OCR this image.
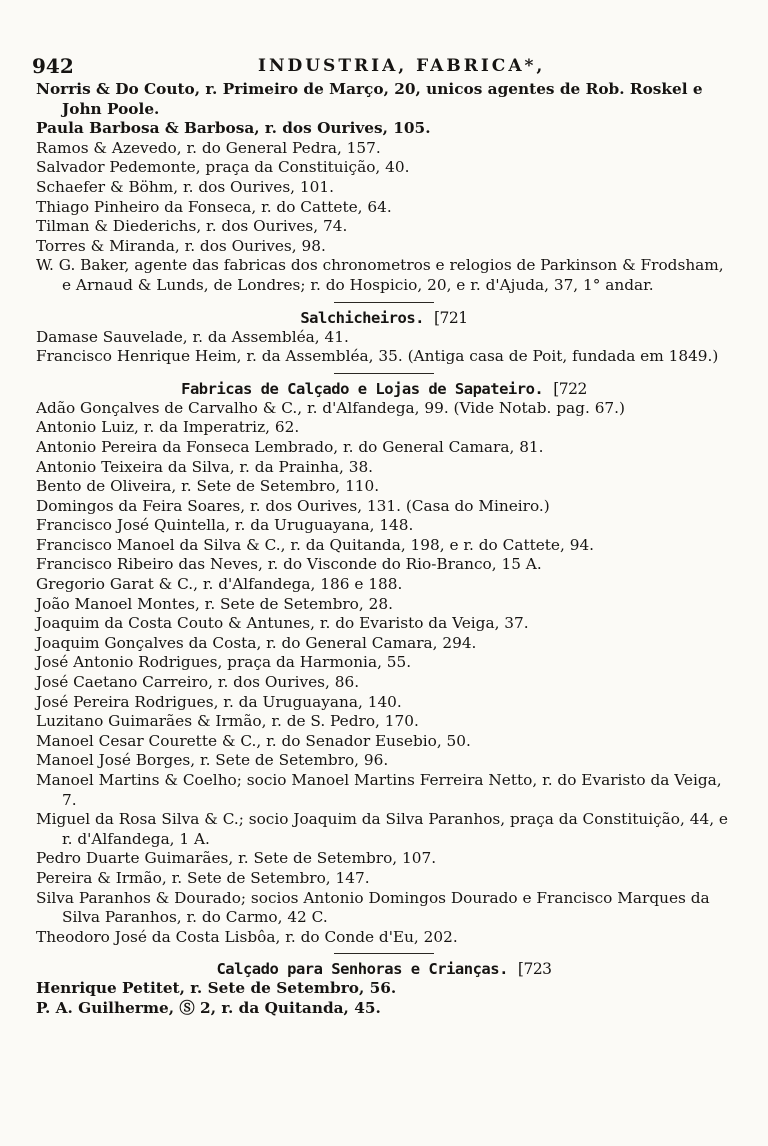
942	INDUSTRIA, FABRICA*,
Norris & Do Couto, r. Primeiro de Março, 20, unicos agentes de Rob. Roskel e John Poole.
Paula Barbosa & Barbosa, r. dos Ourives, 105.
Ramos & Azevedo, r. do General Pedra, 157.
Salvador Pedemonte, praça da Constituição, 40.
Schaefer & Böhm, r. dos Ourives, 101.
Thiago Pinheiro da Fonseca, r. do Cattete, 64.
Tilman & Diederichs, r. dos Ourives, 74.
Torres & Miranda, r. dos Ourives, 98.
W. G. Baker, agente das fabricas dos chronometros e relogios de Parkinson & Frodsham, e Arnaud & Lunds, de Londres; r. do Hospicio, 20, e r. d'Ajuda, 37, 1° andar.
Salchicheiros. [721
Damase Sauvelade, r. da Assembléa, 41.
Francisco Henrique Heim, r. da Assembléa, 35. (Antiga casa de Poit, fundada em 1849.)
Fabricas de Calçado e Lojas de Sapateiro. [722
Adão Gonçalves de Carvalho & C., r. d'Alfandega, 99. (Vide Notab. pag. 67.)
Antonio Luiz, r. da Imperatriz, 62.
Antonio Pereira da Fonseca Lembrado, r. do General Camara, 81.
Antonio Teixeira da Silva, r. da Prainha, 38.
Bento de Oliveira, r. Sete de Setembro, 110.
Domingos da Feira Soares, r. dos Ourives, 131. (Casa do Mineiro.)
Francisco José Quintella, r. da Uruguayana, 148.
Francisco Manoel da Silva & C., r. da Quitanda, 198, e r. do Cattete, 94.
Francisco Ribeiro das Neves, r. do Visconde do Rio-Branco, 15 A.
Gregorio Garat & C., r. d'Alfandega, 186 e 188.
João Manoel Montes, r. Sete de Setembro, 28.
Joaquim da Costa Couto & Antunes, r. do Evaristo da Veiga, 37.
Joaquim Gonçalves da Costa, r. do General Camara, 294.
José Antonio Rodrigues, praça da Harmonia, 55.
José Caetano Carreiro, r. dos Ourives, 86.
José Pereira Rodrigues, r. da Uruguayana, 140.
Luzitano Guimarães & Irmão, r. de S. Pedro, 170.
Manoel Cesar Courette & C., r. do Senador Eusebio, 50.
Manoel José Borges, r. Sete de Setembro, 96.
Manoel Martins & Coelho; socio Manoel Martins Ferreira Netto, r. do Evaristo da Veiga, 7.
Miguel da Rosa Silva & C.; socio Joaquim da Silva Paranhos, praça da Constituição, 44, e r. d'Alfandega, 1 A.
Pedro Duarte Guimarães, r. Sete de Setembro, 107.
Pereira & Irmão, r. Sete de Setembro, 147.
Silva Paranhos & Dourado; socios Antonio Domingos Dourado e Francisco Marques da Silva Paranhos, r. do Carmo, 42 C.
Theodoro José da Costa Lisbôa, r. do Conde d'Eu, 202.
Calçado para Senhoras e Crianças. [723
Henrique Petitet, r. Sete de Setembro, 56.
P. A. Guilherme, Ⓢ 2, r. da Quitanda, 45.
